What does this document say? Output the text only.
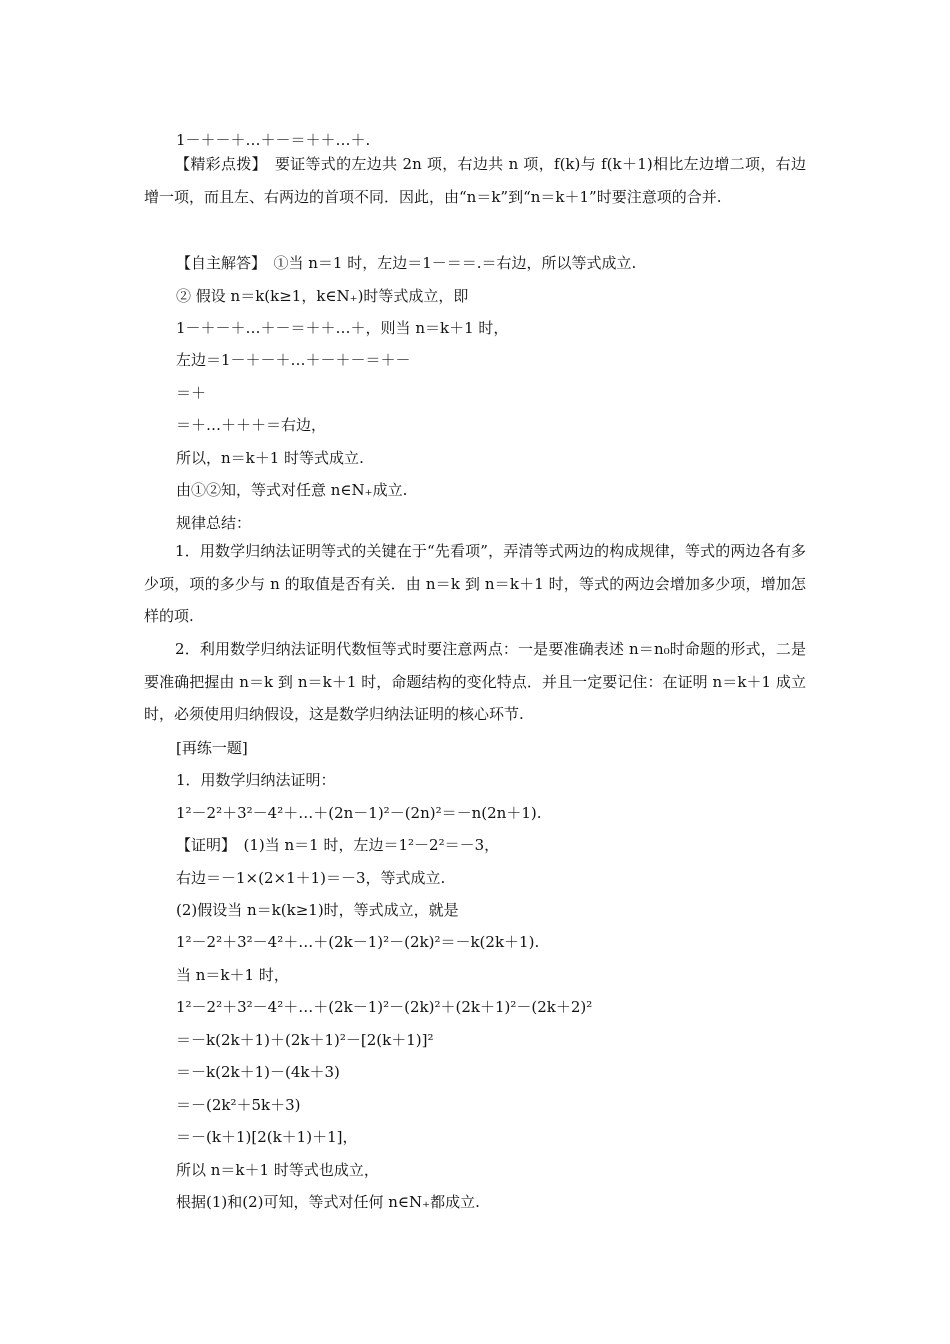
1－＋－＋…＋－＝＋＋…＋.
【精彩点拨】　要证等式的左边共 2n 项，右边共 n 项，f(k)与 f(k＋1)相比左边增二项，右边增一项，而且左、右两边的首项不同．因此，由“n＝k”到“n＝k＋1”时要注意项的合并.
【自主解答】　①当 n＝1 时，左边＝1－＝＝.＝右边，所以等式成立.
② 假设 n＝k(k≥1，k∈N₊)时等式成立，即
1－＋－＋…＋－＝＋＋…＋，则当 n＝k＋1 时，
左边＝1－＋－＋…＋－＋－＝＋－
＝＋
＝＋…＋＋＋＝右边，
所以，n＝k＋1 时等式成立.
由①②知，等式对任意 n∈N₊成立.
规律总结：
1．用数学归纳法证明等式的关键在于“先看项”，弄清等式两边的构成规律，等式的两边各有多少项，项的多少与 n 的取值是否有关．由 n＝k 到 n＝k＋1 时，等式的两边会增加多少项，增加怎样的项.
2．利用数学归纳法证明代数恒等式时要注意两点：一是要准确表述 n＝n₀时命题的形式，二是要准确把握由 n＝k 到 n＝k＋1 时，命题结构的变化特点．并且一定要记住：在证明 n＝k＋1 成立时，必须使用归纳假设，这是数学归纳法证明的核心环节.
[再练一题]
1．用数学归纳法证明：
1²－2²＋3²－4²＋…＋(2n－1)²－(2n)²＝－n(2n＋1).
【证明】　(1)当 n＝1 时，左边＝1²－2²＝－3，
右边＝－1×(2×1＋1)＝－3，等式成立.
(2)假设当 n＝k(k≥1)时，等式成立，就是
1²－2²＋3²－4²＋…＋(2k－1)²－(2k)²＝－k(2k＋1).
当 n＝k＋1 时，
1²－2²＋3²－4²＋…＋(2k－1)²－(2k)²＋(2k＋1)²－(2k＋2)²
＝－k(2k＋1)＋(2k＋1)²－[2(k＋1)]²
＝－k(2k＋1)－(4k＋3)
＝－(2k²＋5k＋3)
＝－(k＋1)[2(k＋1)＋1]，
所以 n＝k＋1 时等式也成立，
根据(1)和(2)可知，等式对任何 n∈N₊都成立.
